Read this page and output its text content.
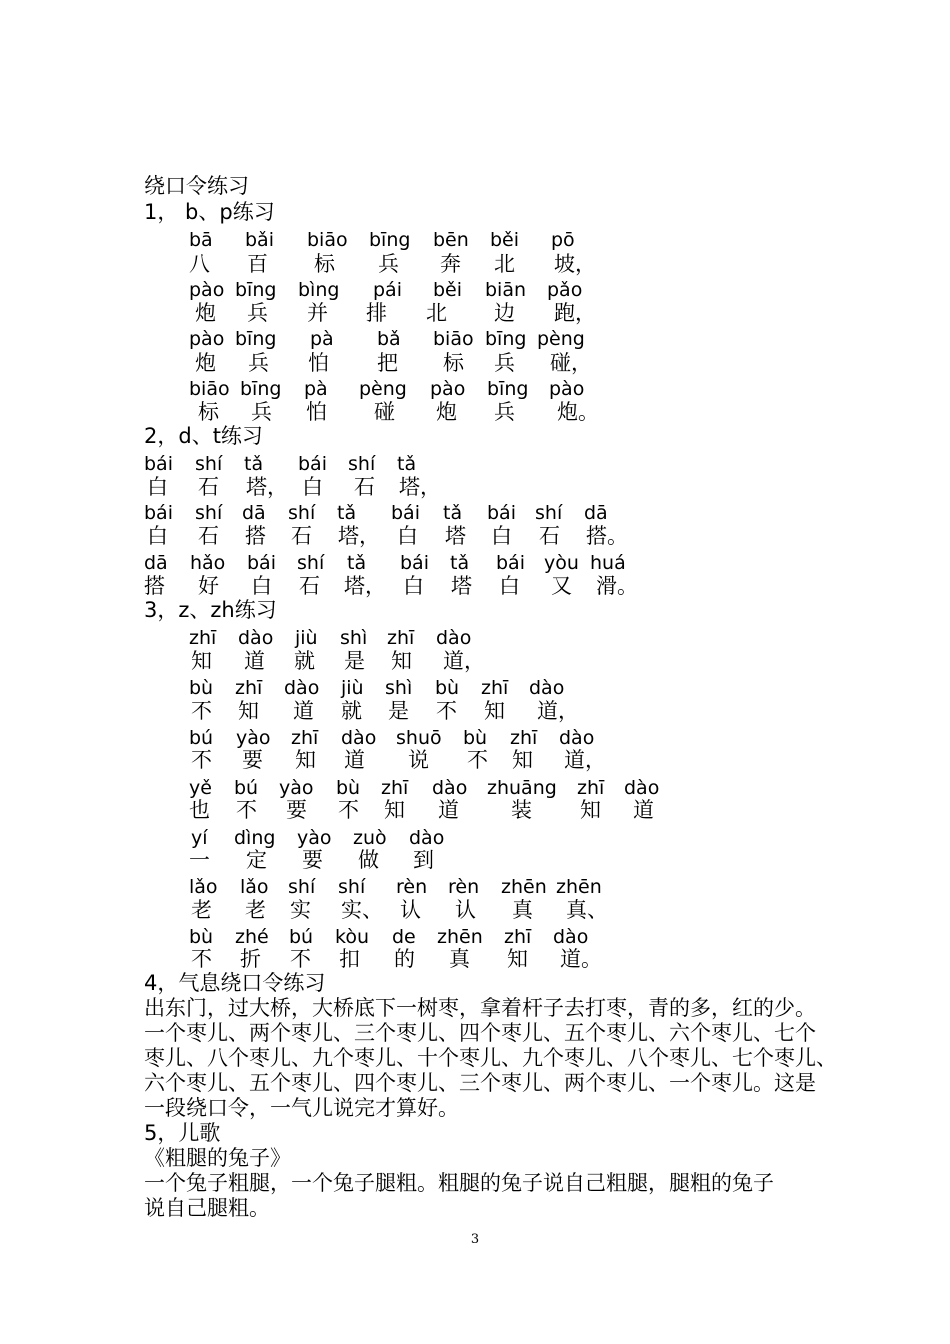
绕口令练习
1， b、p练习
2，d、t练习
3，z、zh练习
4，气息绕口令练习
bā bǎi biāo bīng bēn běi pō
八 百 标 兵 奔 北 坡，
pào bīng bìng pái běi biān pǎo
炮 兵 并 排 北 边 跑，
pào bīng pà bǎ biāo bīng pèng
炮 兵 怕 把 标 兵 碰，
biāo bīng pà pèng pào bīng pào
标 兵 怕 碰 炮 兵 炮。
bái shí tǎ bái shí tǎ
白 石 塔， 白 石 塔，
bái shí dā shí tǎ bái tǎ bái shí dā
白 石 搭 石 塔， 白 塔 白 石 搭。
dā hǎo bái shí tǎ bái tǎ bái yòu huá
搭 好 白 石 塔， 白 塔 白 又 滑。
zhī dào jiù shì zhī dào
知 道 就 是 知 道，
bù zhī dào jiù shì bù zhī dào
不 知 道 就 是 不 知 道，
bú yào zhī dào shuō bù zhī dào
不 要 知 道 说 不 知 道，
yě bú yào bù zhī dào zhuāng zhī dào
也 不 要 不 知 道 装 知 道
yí dìng yào zuò dào
一 定 要 做 到
lǎo lǎo shí shí rèn rèn zhēn zhēn
老 老 实 实、 认 认 真 真、
bù zhé bú kòu de zhēn zhī dào
不 折 不 扣 的 真 知 道。
出东门，过大桥，大桥底下一树枣，拿着杆子去打枣，青的多，红的少。
一个枣儿、两个枣儿、三个枣儿、四个枣儿、五个枣儿、六个枣儿、七个
枣儿、八个枣儿、九个枣儿、十个枣儿、九个枣儿、八个枣儿、七个枣儿、
六个枣儿、五个枣儿、四个枣儿、三个枣儿、两个枣儿、一个枣儿。这是
一段绕口令，一气儿说完才算好。
5，儿歌
《粗腿的兔子》
一个兔子粗腿，一个兔子腿粗。粗腿的兔子说自己粗腿，腿粗的兔子
说自己腿粗。
3
